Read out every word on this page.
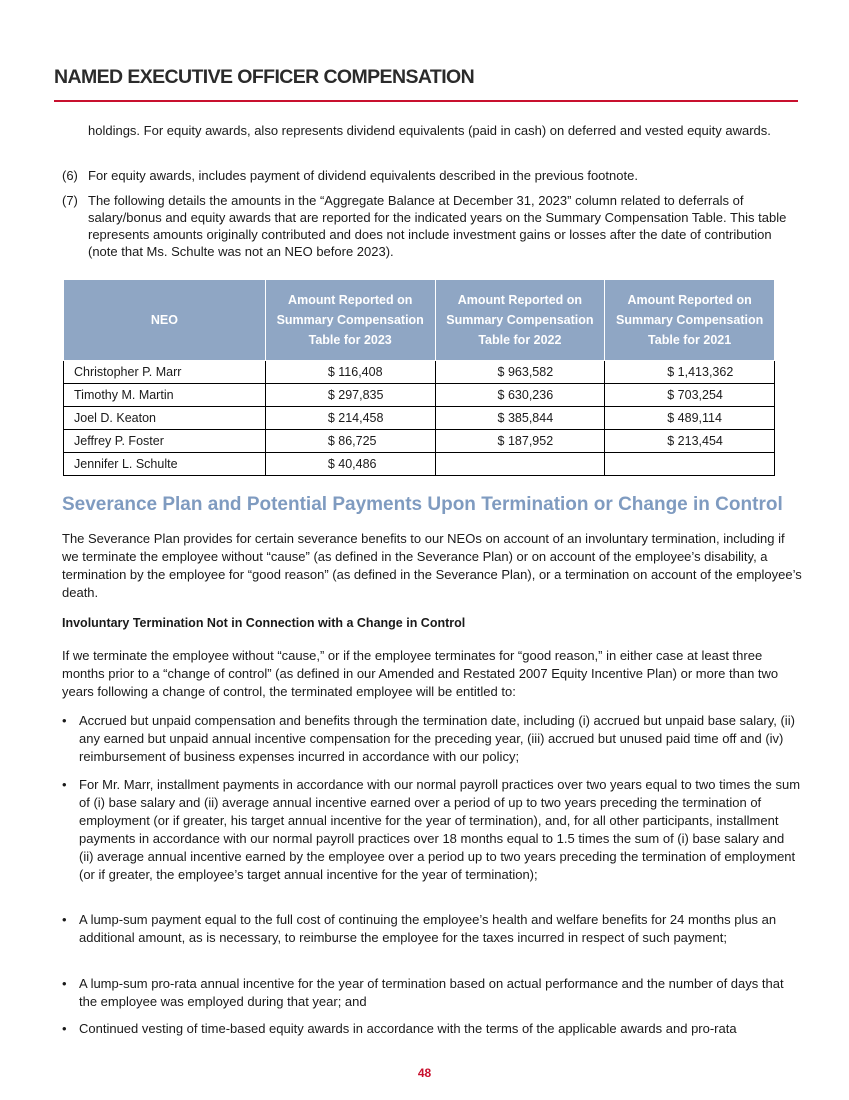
NAMED EXECUTIVE OFFICER COMPENSATION
holdings. For equity awards, also represents dividend equivalents (paid in cash) on deferred and vested equity awards.
(6) For equity awards, includes payment of dividend equivalents described in the previous footnote.
(7) The following details the amounts in the “Aggregate Balance at December 31, 2023” column related to deferrals of salary/bonus and equity awards that are reported for the indicated years on the Summary Compensation Table. This table represents amounts originally contributed and does not include investment gains or losses after the date of contribution (note that Ms. Schulte was not an NEO before 2023).
NEO	Amount Reported on Summary Compensation Table for 2023	Amount Reported on Summary Compensation Table for 2022	Amount Reported on Summary Compensation Table for 2021
Christopher P. Marr	$ 116,408	$ 963,582	$ 1,413,362
Timothy M. Martin	$ 297,835	$ 630,236	$ 703,254
Joel D. Keaton	$ 214,458	$ 385,844	$ 489,114
Jeffrey P. Foster	$ 86,725	$ 187,952	$ 213,454
Jennifer L. Schulte	$ 40,486		
Severance Plan and Potential Payments Upon Termination or Change in Control
The Severance Plan provides for certain severance benefits to our NEOs on account of an involuntary termination, including if we terminate the employee without “cause” (as defined in the Severance Plan) or on account of the employee’s disability, a termination by the employee for “good reason” (as defined in the Severance Plan), or a termination on account of the employee’s death.
Involuntary Termination Not in Connection with a Change in Control
If we terminate the employee without “cause,” or if the employee terminates for “good reason,” in either case at least three months prior to a “change of control” (as defined in our Amended and Restated 2007 Equity Incentive Plan) or more than two years following a change of control, the terminated employee will be entitled to:
• Accrued but unpaid compensation and benefits through the termination date, including (i) accrued but unpaid base salary, (ii) any earned but unpaid annual incentive compensation for the preceding year, (iii) accrued but unused paid time off and (iv) reimbursement of business expenses incurred in accordance with our policy;
• For Mr. Marr, installment payments in accordance with our normal payroll practices over two years equal to two times the sum of (i) base salary and (ii) average annual incentive earned over a period of up to two years preceding the termination of employment (or if greater, his target annual incentive for the year of termination), and, for all other participants, installment payments in accordance with our normal payroll practices over 18 months equal to 1.5 times the sum of (i) base salary and (ii) average annual incentive earned by the employee over a period up to two years preceding the termination of employment (or if greater, the employee’s target annual incentive for the year of termination);
• A lump-sum payment equal to the full cost of continuing the employee’s health and welfare benefits for 24 months plus an additional amount, as is necessary, to reimburse the employee for the taxes incurred in respect of such payment;
• A lump-sum pro-rata annual incentive for the year of termination based on actual performance and the number of days that the employee was employed during that year; and
• Continued vesting of time-based equity awards in accordance with the terms of the applicable awards and pro-rata
48
